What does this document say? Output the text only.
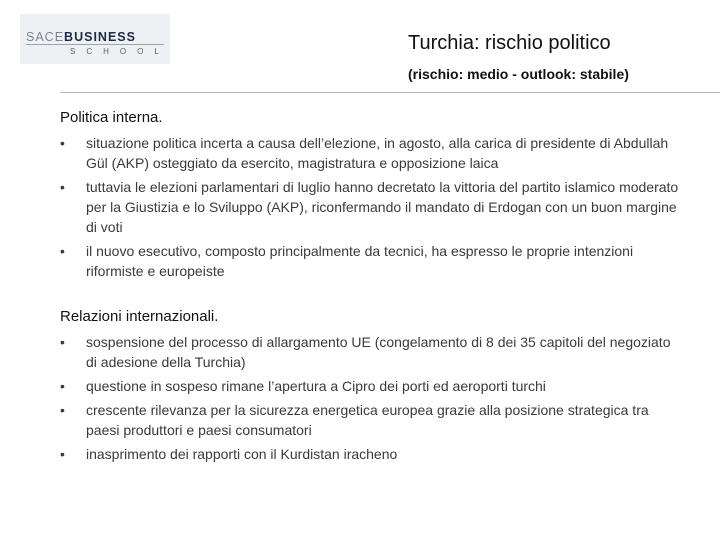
SACEBUSINESS
SCHOOL	Turchia: rischio politico
(rischio: medio - outlook: stabile)
Politica interna.
•	situazione politica incerta a causa dell’elezione, in agosto, alla carica di presidente di Abdullah Gül (AKP) osteggiato da esercito, magistratura e opposizione laica
•	tuttavia le elezioni parlamentari di luglio hanno decretato la vittoria del partito islamico moderato per la Giustizia e lo Sviluppo (AKP), riconfermando il mandato di Erdogan con un buon margine di voti
•	il nuovo esecutivo, composto principalmente da tecnici, ha espresso le proprie intenzioni riformiste e europeiste
Relazioni internazionali.
•	sospensione del processo di allargamento UE (congelamento di 8 dei 35 capitoli del negoziato di adesione della Turchia)
•	questione in sospeso rimane l’apertura a Cipro dei porti ed aeroporti turchi
•	crescente rilevanza per la sicurezza energetica europea grazie alla posizione strategica tra paesi produttori e paesi consumatori
•	inasprimento dei rapporti con il Kurdistan iracheno
